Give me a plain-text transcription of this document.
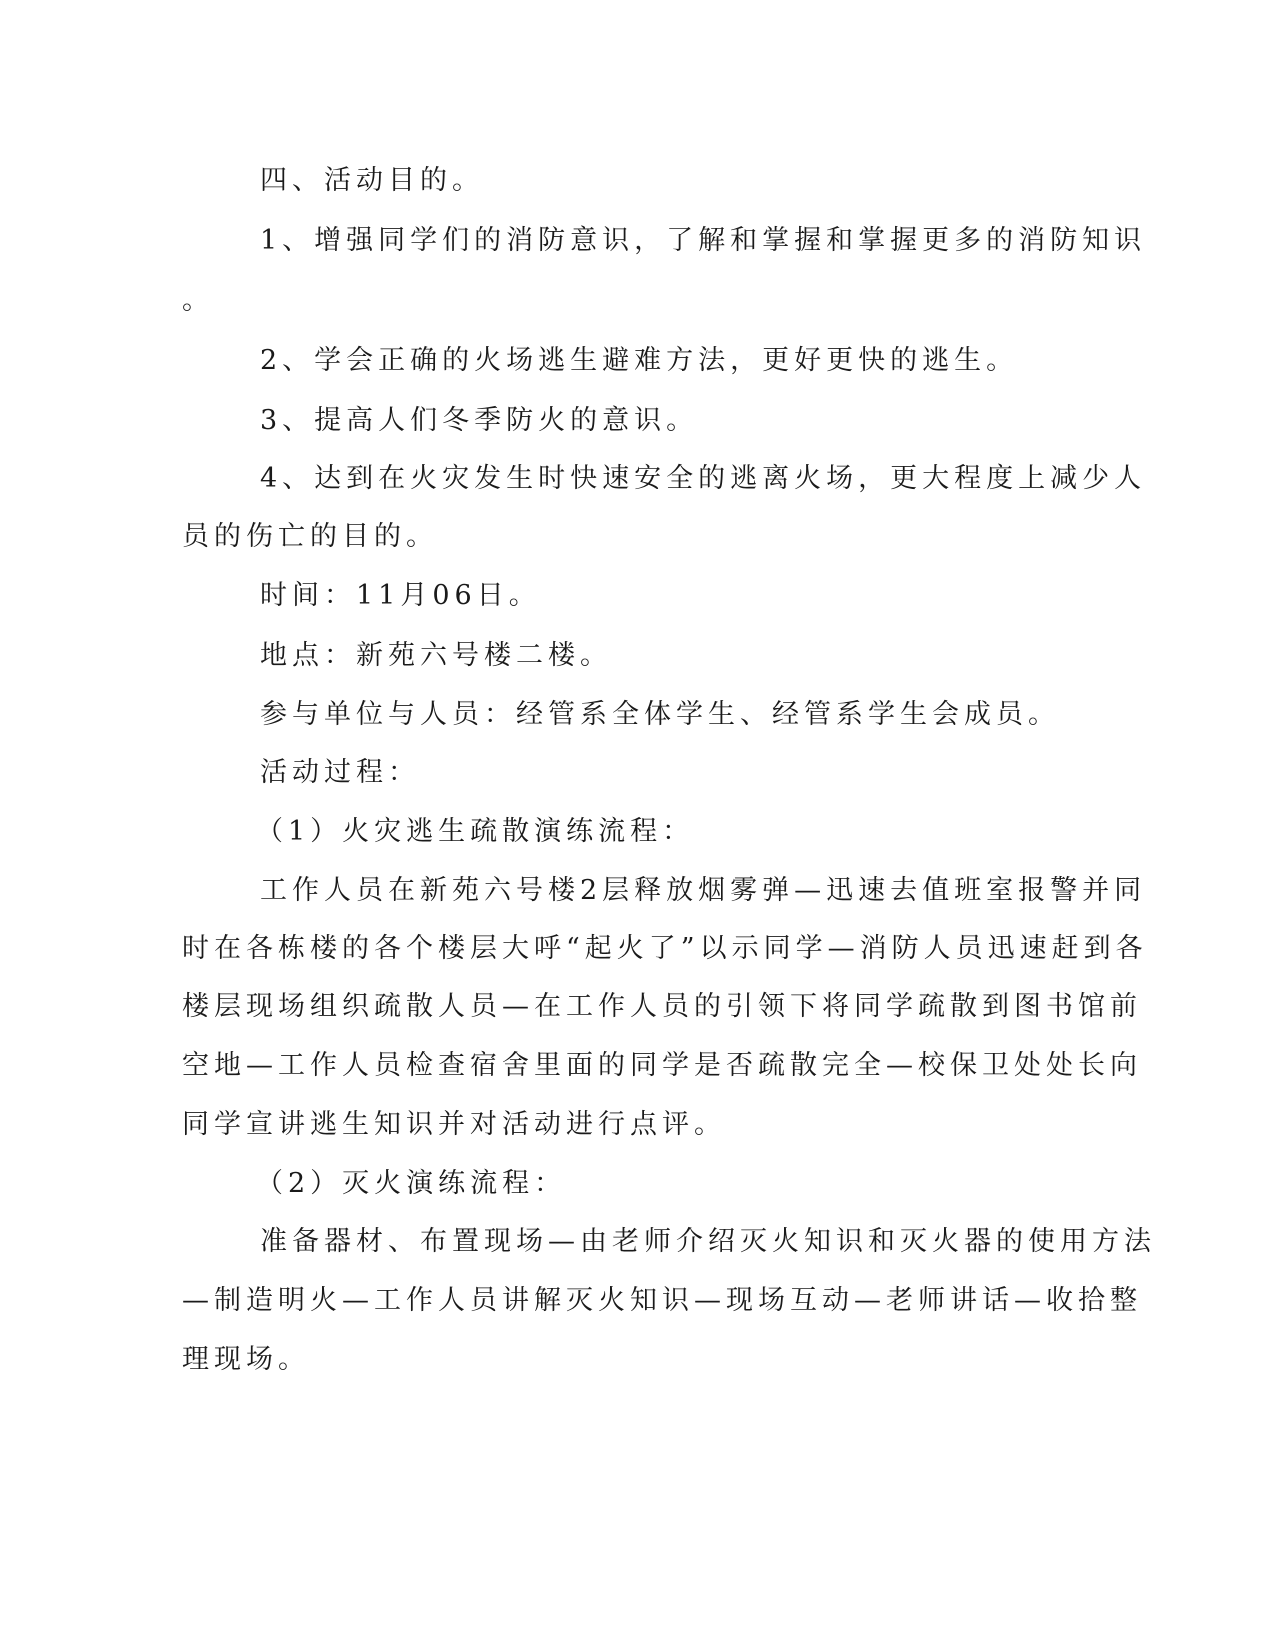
四、活动目的。
1、增强同学们的消防意识，了解和掌握和掌握更多的消防知识
。
2、学会正确的火场逃生避难方法，更好更快的逃生。
3、提高人们冬季防火的意识。
4、达到在火灾发生时快速安全的逃离火场，更大程度上减少人
员的伤亡的目的。
时间：11月06日。
地点：新苑六号楼二楼。
参与单位与人员：经管系全体学生、经管系学生会成员。
活动过程：
（1）火灾逃生疏散演练流程：
工作人员在新苑六号楼2层释放烟雾弹—迅速去值班室报警并同
时在各栋楼的各个楼层大呼“起火了”以示同学—消防人员迅速赶到各
楼层现场组织疏散人员—在工作人员的引领下将同学疏散到图书馆前
空地—工作人员检查宿舍里面的同学是否疏散完全—校保卫处处长向
同学宣讲逃生知识并对活动进行点评。
（2）灭火演练流程：
准备器材、布置现场—由老师介绍灭火知识和灭火器的使用方法
—制造明火—工作人员讲解灭火知识—现场互动—老师讲话—收拾整
理现场。
